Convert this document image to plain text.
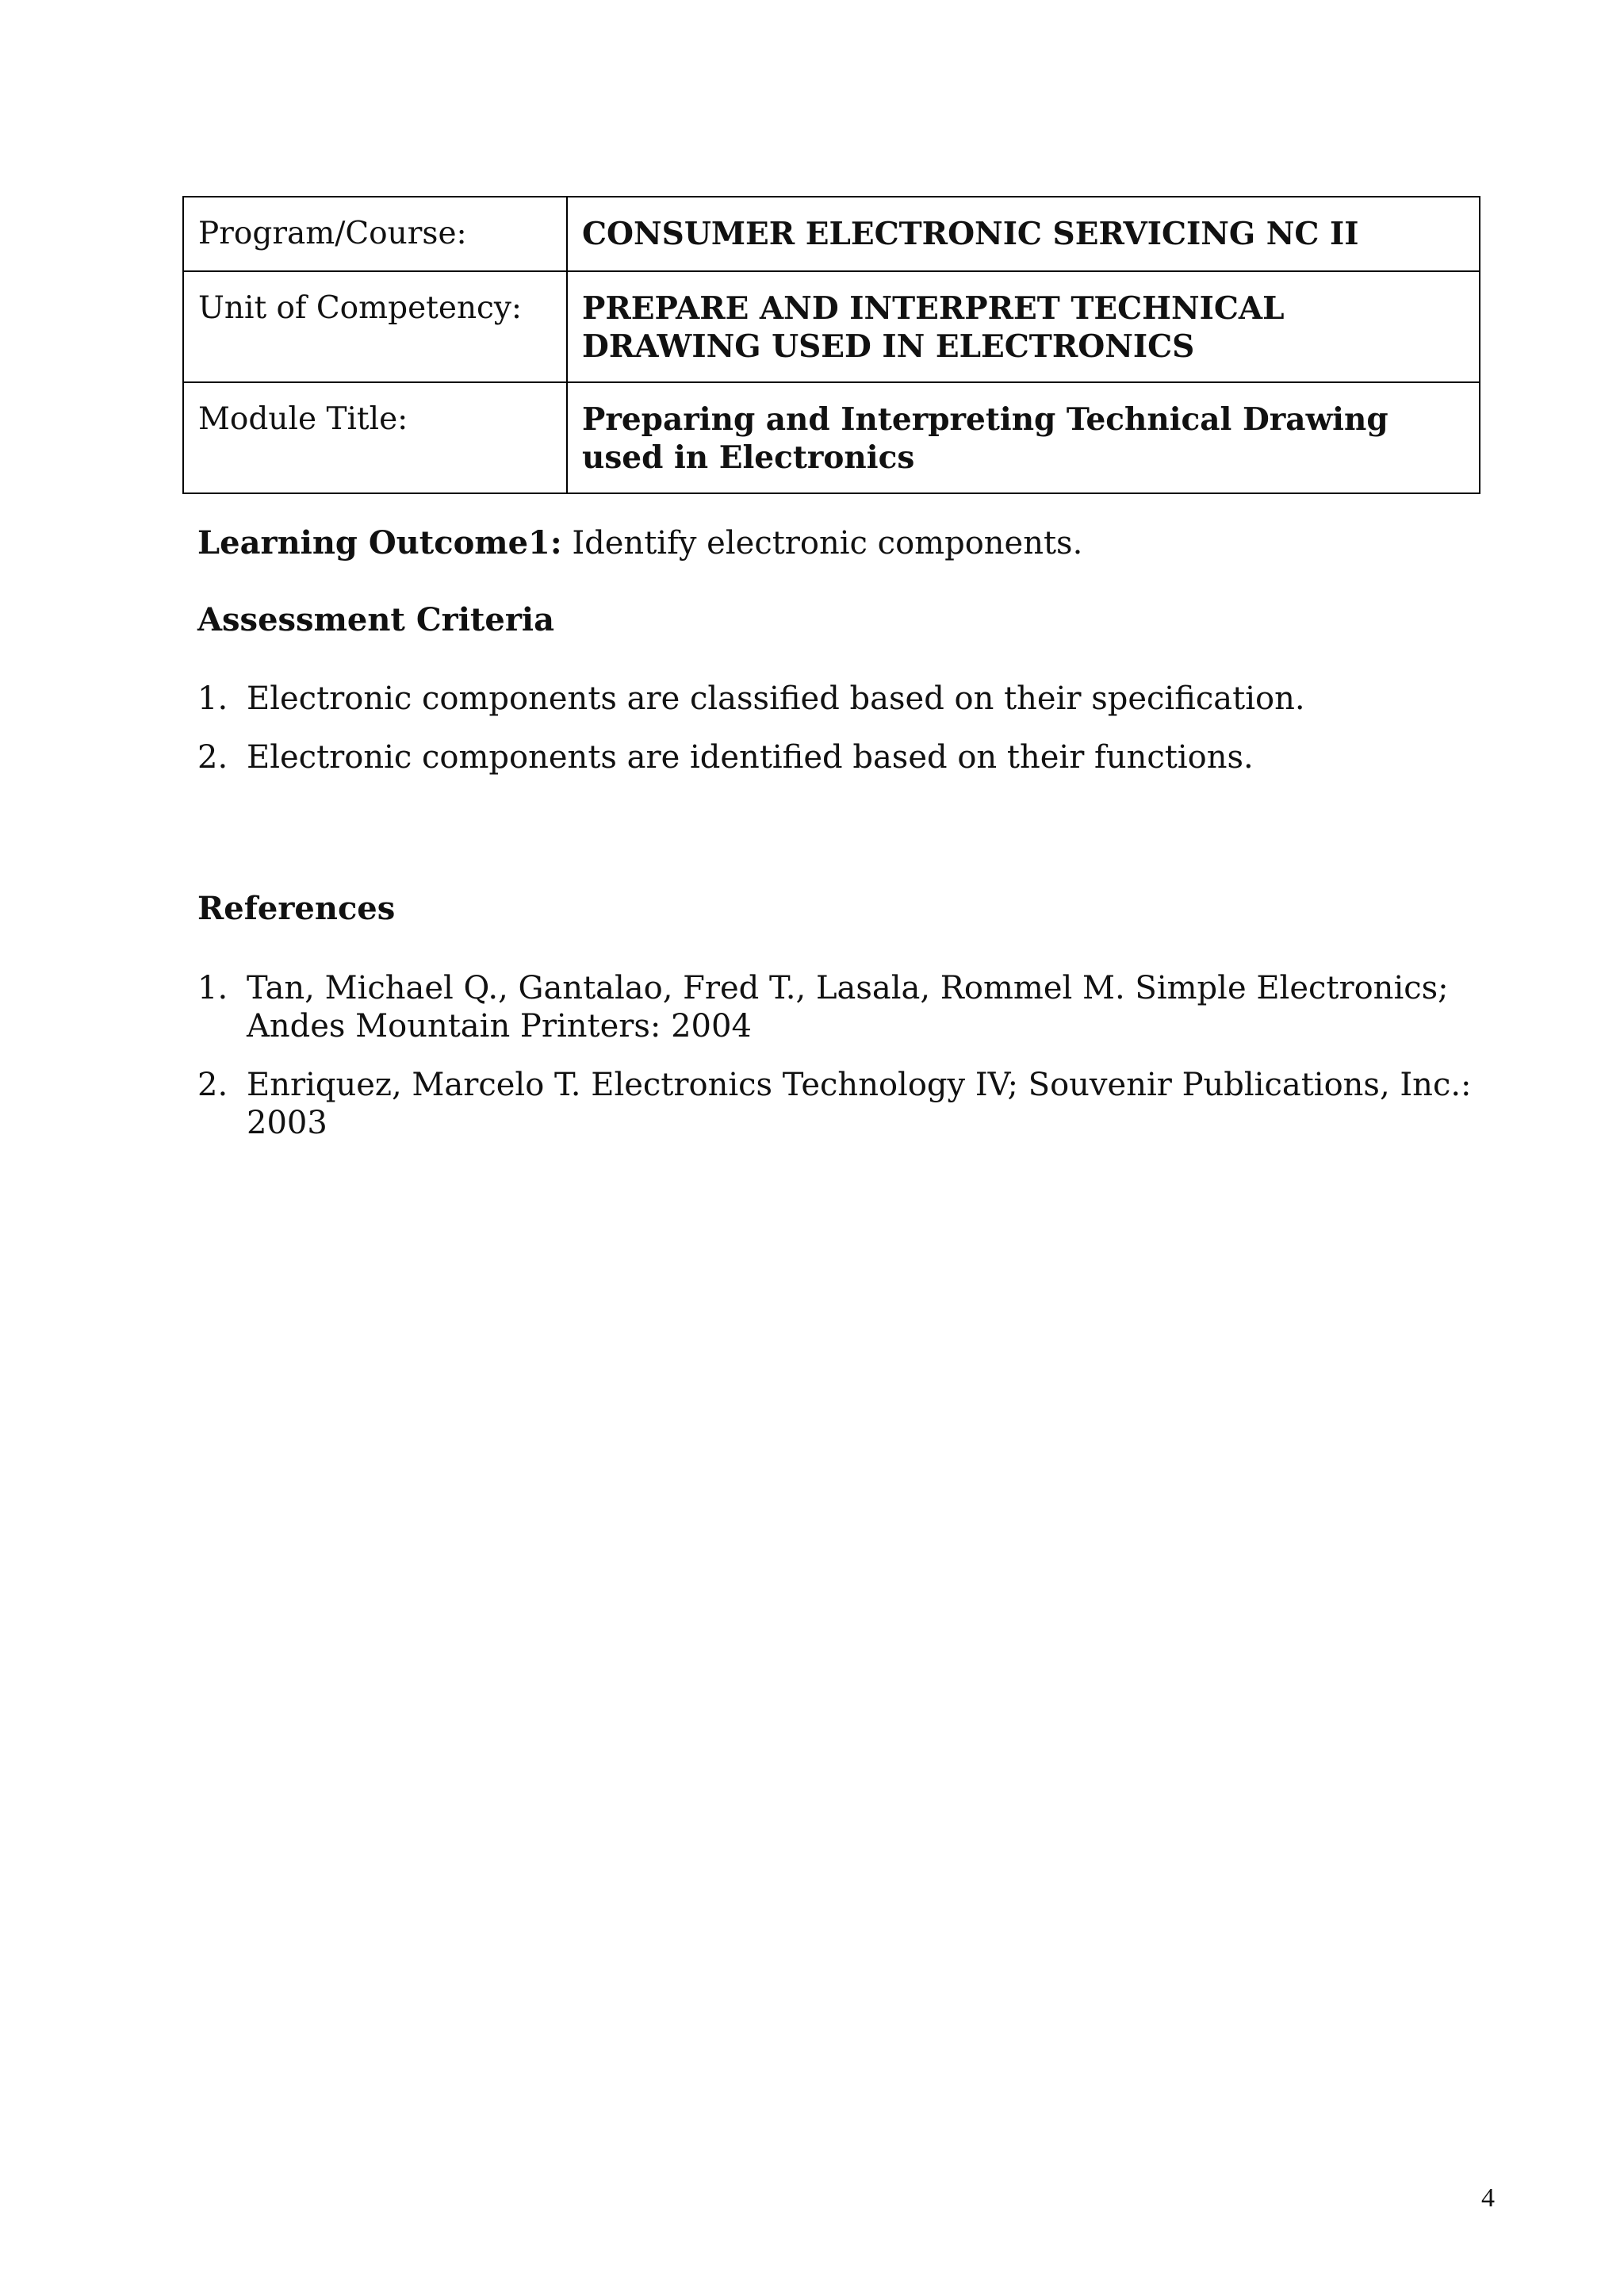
Program/Course:	CONSUMER ELECTRONIC SERVICING NC II
Unit of Competency:	PREPARE AND INTERPRET TECHNICAL DRAWING USED IN ELECTRONICS
Module Title:	Preparing and Interpreting Technical Drawing used in Electronics
Learning Outcome1: Identify electronic components.
Assessment Criteria
1. Electronic components are classified based on their specification.
2. Electronic components are identified based on their functions.
References
1. Tan, Michael Q., Gantalao, Fred T., Lasala, Rommel M. Simple Electronics; Andes Mountain Printers: 2004
2. Enriquez, Marcelo T. Electronics Technology IV; Souvenir Publications, Inc.: 2003
4
